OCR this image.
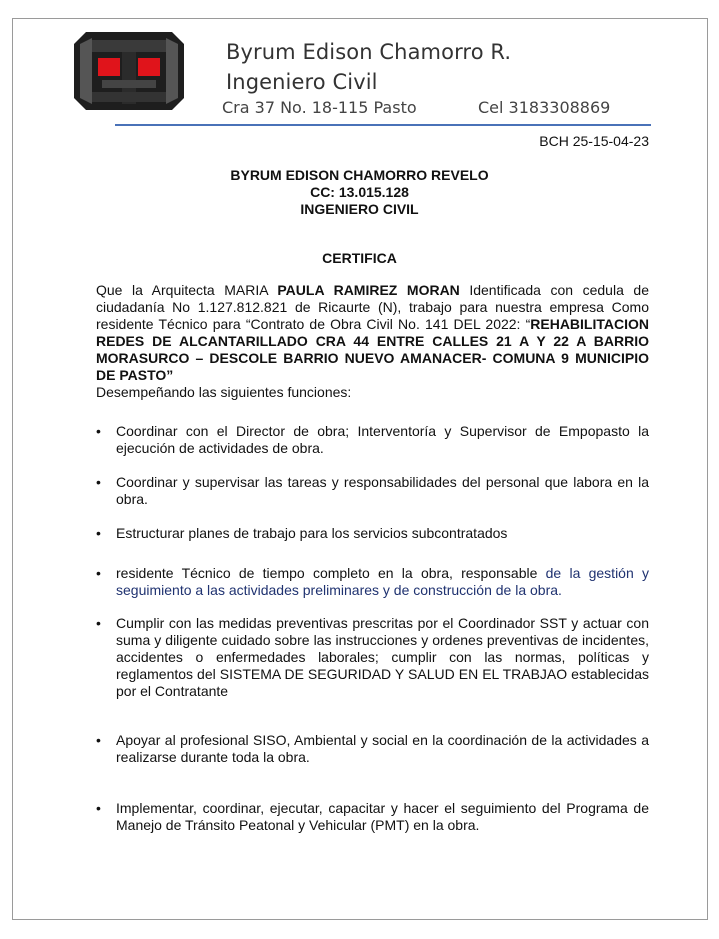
Byrum Edison Chamorro R.
Ingeniero Civil
Cra 37 No. 18-115 Pasto	Cel 3183308869
BCH 25-15-04-23
BYRUM EDISON CHAMORRO REVELO
CC: 13.015.128
INGENIERO CIVIL
CERTIFICA
Que la Arquitecta MARIA PAULA RAMIREZ MORAN Identificada con cedula de ciudadanía No 1.127.812.821 de Ricaurte (N), trabajo para nuestra empresa Como residente Técnico para “Contrato de Obra Civil No. 141 DEL 2022: “REHABILITACION REDES DE ALCANTARILLADO CRA 44 ENTRE CALLES 21 A Y 22 A BARRIO MORASURCO – DESCOLE BARRIO NUEVO AMANACER- COMUNA 9 MUNICIPIO DE PASTO”
Desempeñando las siguientes funciones:
•	Coordinar con el Director de obra; Interventoría y Supervisor de Empopasto la ejecución de actividades de obra.
•	Coordinar y supervisar las tareas y responsabilidades del personal que labora en la obra.
•	Estructurar planes de trabajo para los servicios subcontratados
•	residente Técnico de tiempo completo en la obra, responsable de la gestión y seguimiento a las actividades preliminares y de construcción de la obra.
•	Cumplir con las medidas preventivas prescritas por el Coordinador SST y actuar con suma y diligente cuidado sobre las instrucciones y ordenes preventivas de incidentes, accidentes o enfermedades laborales; cumplir con las normas, políticas y reglamentos del SISTEMA DE SEGURIDAD Y SALUD EN EL TRABJAO establecidas por el Contratante
•	Apoyar al profesional SISO, Ambiental y social en la coordinación de la actividades a realizarse durante toda la obra.
•	Implementar, coordinar, ejecutar, capacitar y hacer el seguimiento del Programa de Manejo de Tránsito Peatonal y Vehicular (PMT) en la obra.
